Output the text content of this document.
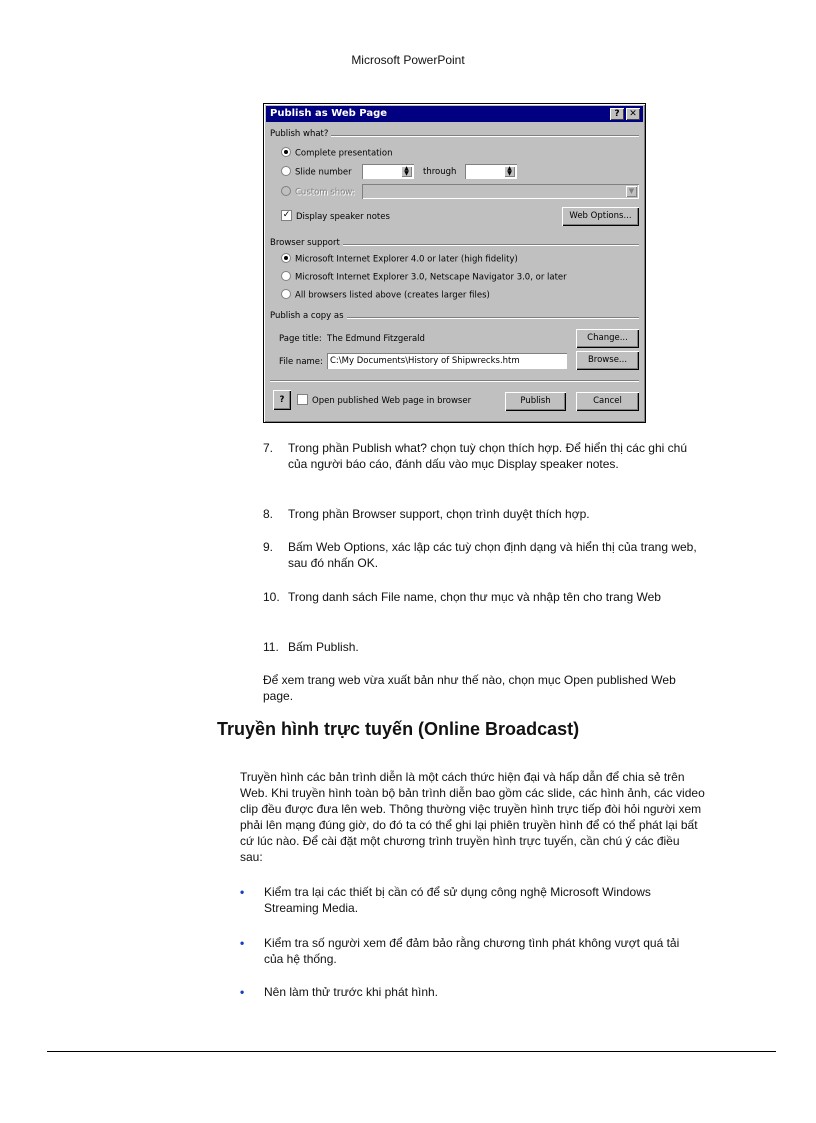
Microsoft PowerPoint
Publish as Web Page	?	✕
Publish what?
Complete presentation
Slide number	▲
▼	through	▲
▼
Custom show:	▼
✓ Display speaker notes	Web Options...
Browser support
Microsoft Internet Explorer 4.0 or later (high fidelity)
Microsoft Internet Explorer 3.0, Netscape Navigator 3.0, or later
All browsers listed above (creates larger files)
Publish a copy as
Page title: The Edmund Fitzgerald	Change...
File name: C:\My Documents\History of Shipwrecks.htm	Browse...
?	Open published Web page in browser	Publish	Cancel
7. Trong phần Publish what? chọn tuỳ chọn thích hợp. Để hiển thị các ghi chú của người báo cáo, đánh dấu vào mục Display speaker notes.
8. Trong phần Browser support, chọn trình duyệt thích hợp.
9. Bấm Web Options, xác lập các tuỳ chọn định dạng và hiển thị của trang web, sau đó nhấn OK.
10. Trong danh sách File name, chọn thư mục và nhập tên cho trang Web
11. Bấm Publish.
Để xem trang web vừa xuất bản như thế nào, chọn mục Open published Web page.
Truyền hình trực tuyến (Online Broadcast)
Truyền hình các bản trình diễn là một cách thức hiện đại và hấp dẫn để chia sẻ trên Web. Khi truyền hình toàn bộ bản trình diễn bao gồm các slide, các hình ảnh, các video clip đều được đưa lên web. Thông thường việc truyền hình trực tiếp đòi hỏi người xem phải lên mạng đúng giờ, do đó ta có thể ghi lại phiên truyền hình để có thể phát lại bất cứ lúc nào. Để cài đặt một chương trình truyền hình trực tuyến, cần chú ý các điều sau:
• Kiểm tra lại các thiết bị cần có để sử dụng công nghệ Microsoft Windows Streaming Media.
• Kiểm tra số người xem để đảm bảo rằng chương tình phát không vượt quá tải của hệ thống.
• Nên làm thử trước khi phát hình.
